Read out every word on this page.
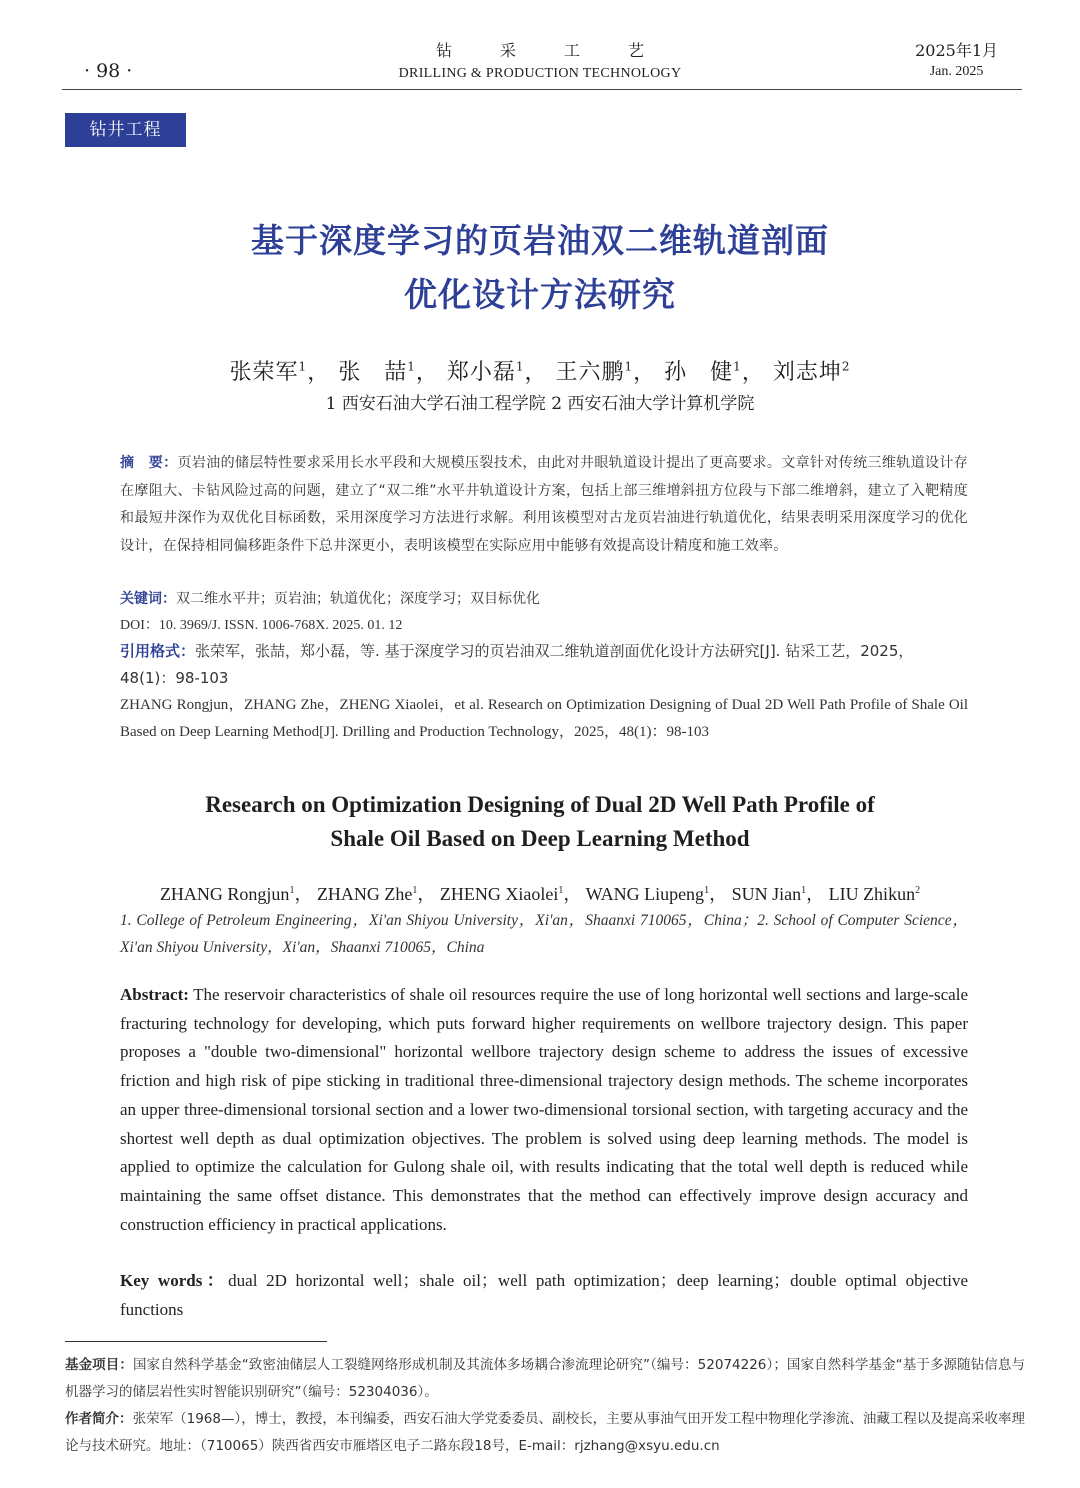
· 98 ·
钻采工艺
DRILLING & PRODUCTION TECHNOLOGY
2025年1月
Jan. 2025
钻井工程
基于深度学习的页岩油双二维轨道剖面
优化设计方法研究
张荣军$^1$， 张　喆$^1$， 郑小磊$^1$， 王六鹏$^1$， 孙　健$^1$， 刘志坤$^2$
1 西安石油大学石油工程学院 2 西安石油大学计算机学院
摘　要：页岩油的储层特性要求采用长水平段和大规模压裂技术，由此对井眼轨道设计提出了更高要求。文章针对传统三维轨道设计存在摩阻大、卡钻风险过高的问题，建立了“双二维”水平井轨道设计方案，包括上部三维增斜扭方位段与下部二维增斜，建立了入靶精度和最短井深作为双优化目标函数，采用深度学习方法进行求解。利用该模型对古龙页岩油进行轨道优化，结果表明采用深度学习的优化设计，在保持相同偏移距条件下总井深更小，表明该模型在实际应用中能够有效提高设计精度和施工效率。
关键词：双二维水平井；页岩油；轨道优化；深度学习；双目标优化
DOI：10. 3969/J. ISSN. 1006-768X. 2025. 01. 12
引用格式：张荣军，张喆，郑小磊，等. 基于深度学习的页岩油双二维轨道剖面优化设计方法研究[J]. 钻采工艺，2025，48(1)：98-103
ZHANG Rongjun，ZHANG Zhe，ZHENG Xiaolei，et al. Research on Optimization Designing of Dual 2D Well Path Profile of Shale Oil Based on Deep Learning Method[J]. Drilling and Production Technology，2025，48(1)：98-103
Research on Optimization Designing of Dual 2D Well Path Profile of
Shale Oil Based on Deep Learning Method
ZHANG Rongjun$^1$， ZHANG Zhe$^1$， ZHENG Xiaolei$^1$， WANG Liupeng$^1$， SUN Jian$^1$， LIU Zhikun$^2$
1. College of Petroleum Engineering，Xi'an Shiyou University，Xi'an，Shaanxi 710065，China；2. School of Computer Science，Xi'an Shiyou University，Xi'an，Shaanxi 710065，China
Abstract: The reservoir characteristics of shale oil resources require the use of long horizontal well sections and large-scale fracturing technology for developing, which puts forward higher requirements on wellbore trajectory design. This paper proposes a "double two-dimensional" horizontal wellbore trajectory design scheme to address the issues of excessive friction and high risk of pipe sticking in traditional three-dimensional trajectory design methods. The scheme incorporates an upper three-dimensional torsional section and a lower two-dimensional torsional section, with targeting accuracy and the shortest well depth as dual optimization objectives. The problem is solved using deep learning methods. The model is applied to optimize the calculation for Gulong shale oil, with results indicating that the total well depth is reduced while maintaining the same offset distance. This demonstrates that the method can effectively improve design accuracy and construction efficiency in practical applications.
Key words：dual 2D horizontal well；shale oil；well path optimization；deep learning；double optimal objective functions
基金项目：国家自然科学基金“致密油储层人工裂缝网络形成机制及其流体多场耦合渗流理论研究”（编号：52074226）；国家自然科学基金“基于多源随钻信息与机器学习的储层岩性实时智能识别研究”（编号：52304036）。
作者简介：张荣军（1968—），博士，教授，本刊编委，西安石油大学党委委员、副校长，主要从事油气田开发工程中物理化学渗流、油藏工程以及提高采收率理论与技术研究。地址：（710065）陕西省西安市雁塔区电子二路东段18号，E-mail：rjzhang@xsyu.edu.cn
